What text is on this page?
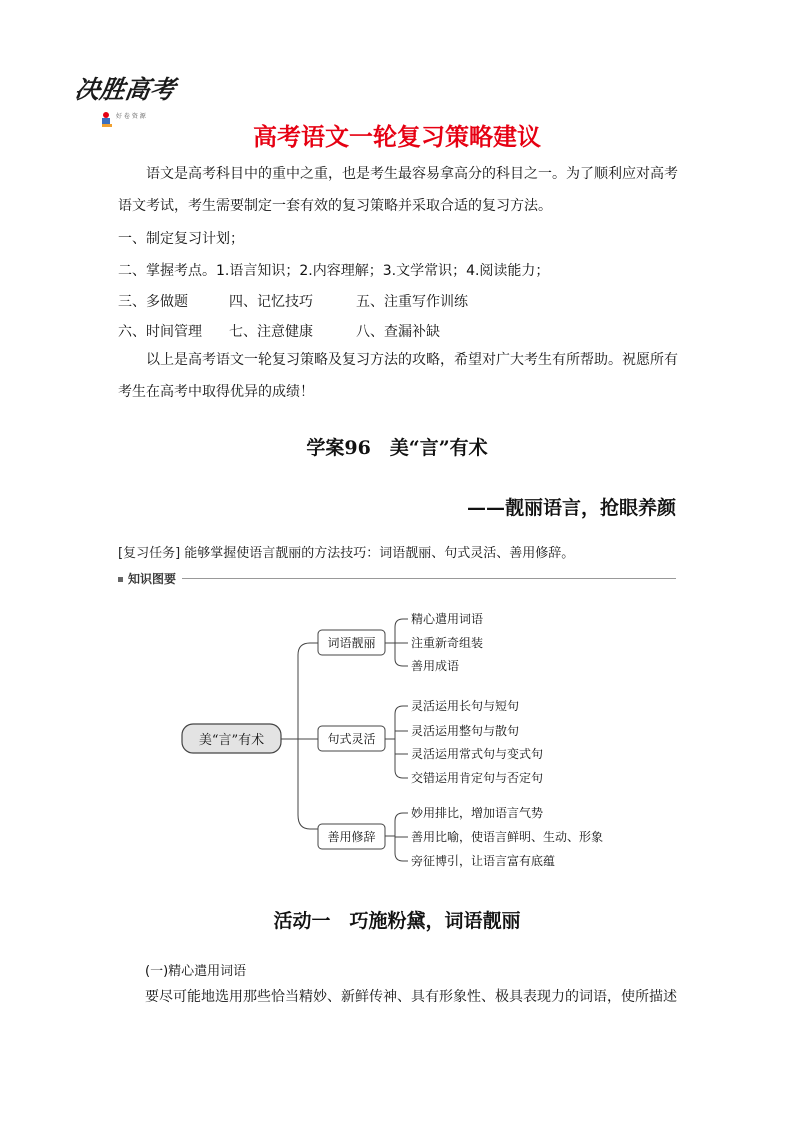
决胜高考
好 卷 资 源
高考语文一轮复习策略建议

语文是高考科目中的重中之重，也是考生最容易拿高分的科目之一。为了顺利应对高考语文考试，考生需要制定一套有效的复习策略并采取合适的复习方法。

一、制定复习计划；
二、掌握考点。1.语言知识；2.内容理解；3.文学常识；4.阅读能力；
三、多做题	四、记忆技巧	五、注重写作训练
六、时间管理 七、注意健康	八、查漏补缺

以上是高考语文一轮复习策略及复习方法的攻略，希望对广大考生有所帮助。祝愿所有考生在高考中取得优异的成绩！

学案96　美“言”有术
——靓丽语言，抢眼养颜
[复习任务] 能够掌握使语言靓丽的方法技巧：词语靓丽、句式灵活、善用修辞。
知识图要
美“言”有术
词语靓丽
句式灵活
善用修辞
精心遣用词语
注重新奇组装
善用成语
灵活运用长句与短句
灵活运用整句与散句
灵活运用常式句与变式句
交错运用肯定句与否定句
妙用排比，增加语言气势
善用比喻，使语言鲜明、生动、形象
旁征博引，让语言富有底蕴
活动一　巧施粉黛，词语靓丽
(一)精心遣用词语
要尽可能地选用那些恰当精妙、新鲜传神、具有形象性、极具表现力的词语，使所描述
